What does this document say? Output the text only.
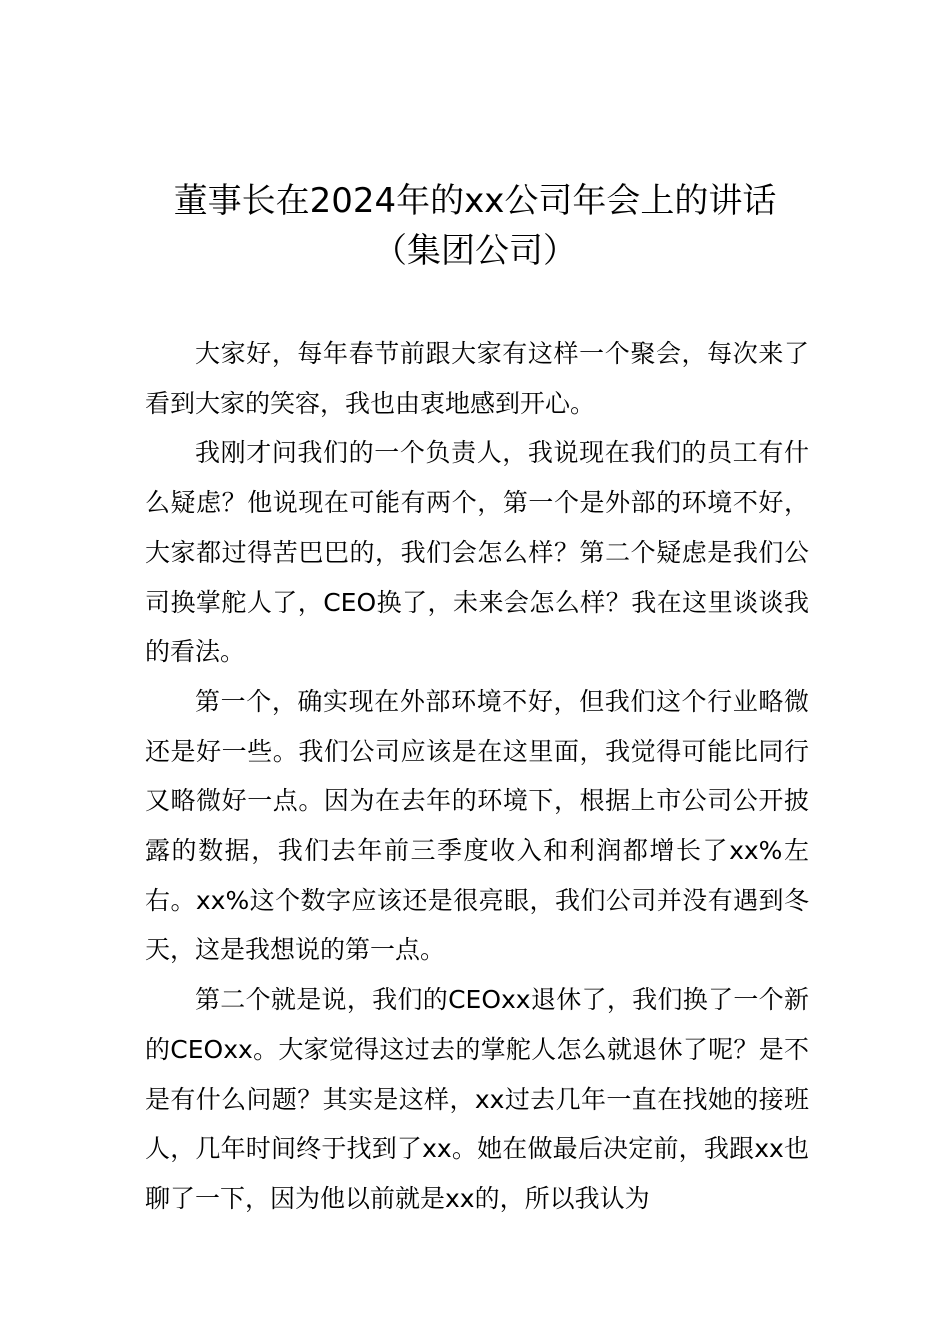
董事长在2024年的xx公司年会上的讲话
（集团公司）

大家好，每年春节前跟大家有这样一个聚会，每次来了看到大家的笑容，我也由衷地感到开心。

我刚才问我们的一个负责人，我说现在我们的员工有什么疑虑？他说现在可能有两个，第一个是外部的环境不好，大家都过得苦巴巴的，我们会怎么样？第二个疑虑是我们公司换掌舵人了，CEO换了，未来会怎么样？我在这里谈谈我的看法。

第一个，确实现在外部环境不好，但我们这个行业略微还是好一些。我们公司应该是在这里面，我觉得可能比同行又略微好一点。因为在去年的环境下，根据上市公司公开披露的数据，我们去年前三季度收入和利润都增长了xx%左右。xx%这个数字应该还是很亮眼，我们公司并没有遇到冬天，这是我想说的第一点。

第二个就是说，我们的CEOxx退休了，我们换了一个新的CEOxx。大家觉得这过去的掌舵人怎么就退休了呢？是不是有什么问题？其实是这样，xx过去几年一直在找她的接班人，几年时间终于找到了xx。她在做最后决定前，我跟xx也聊了一下，因为他以前就是xx的，所以我认为
